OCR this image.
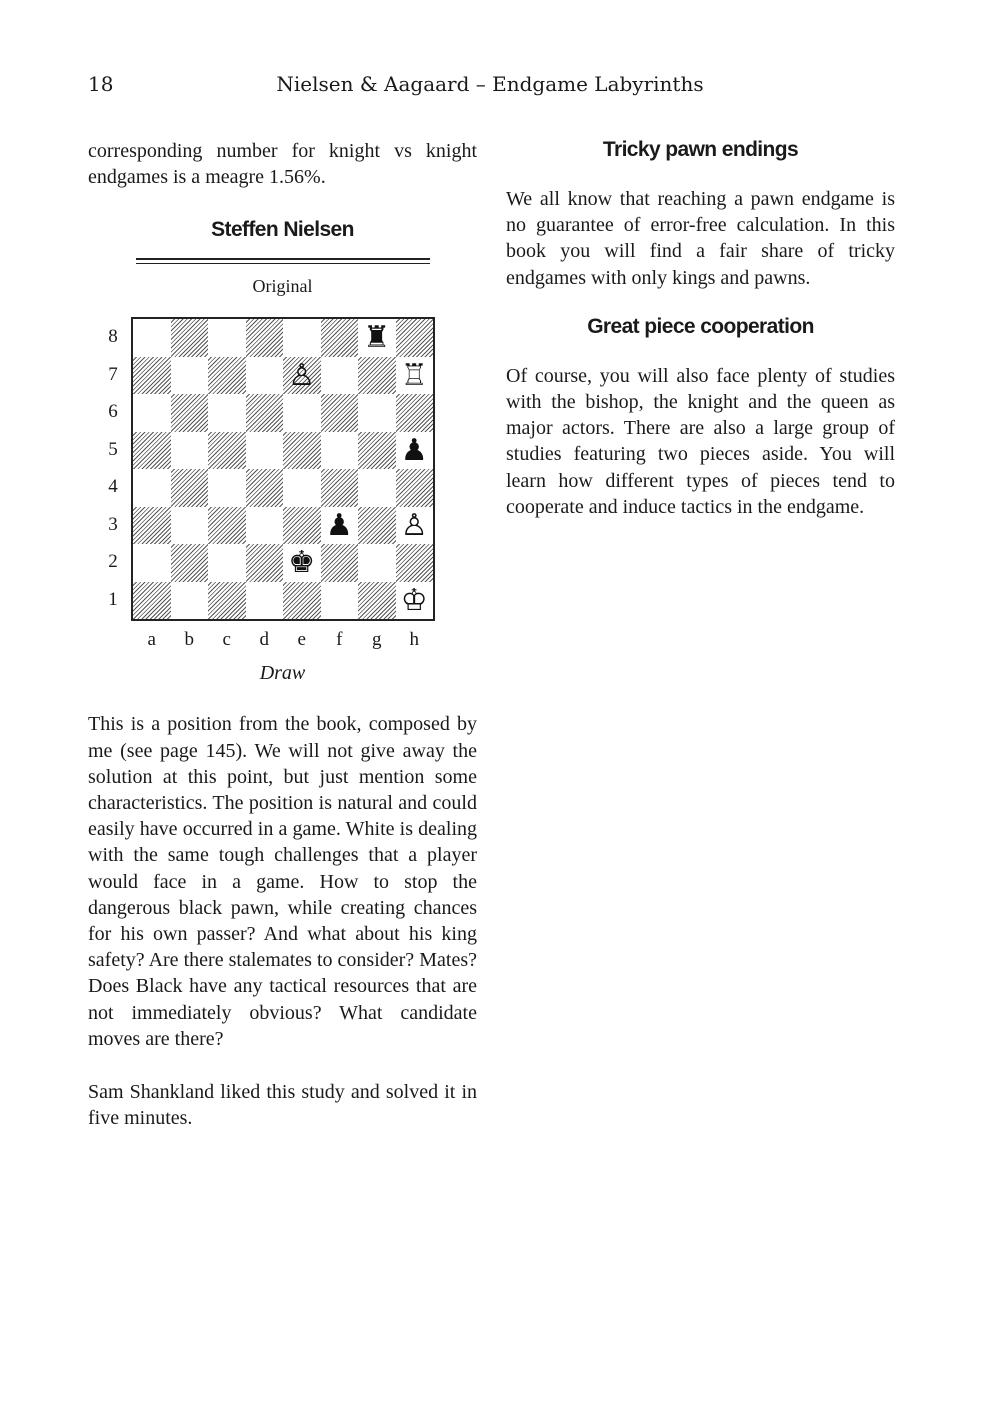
18	Nielsen & Aagaard – Endgame Labyrinths

corresponding number for knight vs knight endgames is a meagre 1.56%.

Steffen Nielsen
Original
♜
♙	♖
♟
♟ ♙
♚
♔
8
7
6
5
4
3
2
1
a	b	c	d	e	f	g	h
Draw

This is a position from the book, composed by me (see page 145). We will not give away the solution at this point, but just mention some characteristics. The position is natural and could easily have occurred in a game. White is dealing with the same tough challenges that a player would face in a game. How to stop the dangerous black pawn, while creating chances for his own passer? And what about his king safety? Are there stalemates to consider? Mates? Does Black have any tactical resources that are not immediately obvious? What candidate moves are there?

Sam Shankland liked this study and solved it in five minutes.

Tricky pawn endings

We all know that reaching a pawn endgame is no guarantee of error-free calculation. In this book you will find a fair share of tricky endgames with only kings and pawns.

Great piece cooperation

Of course, you will also face plenty of studies with the bishop, the knight and the queen as major actors. There are also a large group of studies featuring two pieces aside. You will learn how different types of pieces tend to cooperate and induce tactics in the endgame.
